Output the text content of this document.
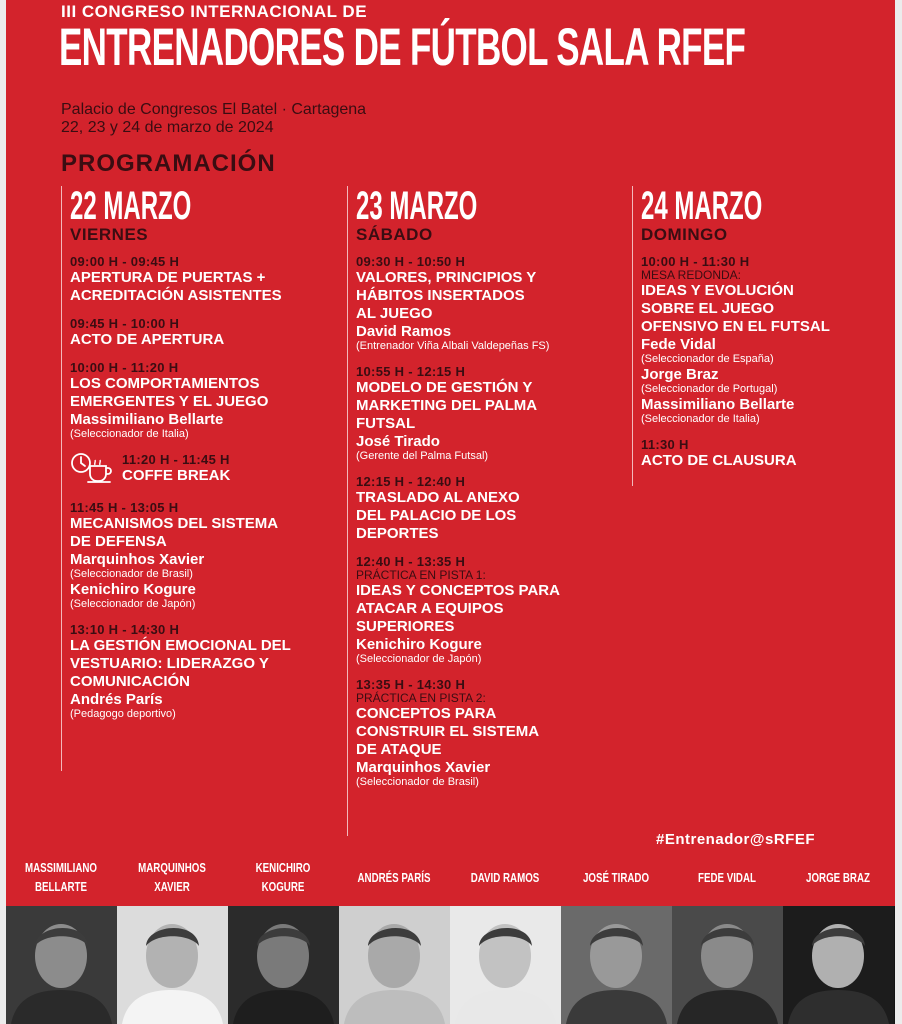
III CONGRESO INTERNACIONAL DE
ENTRENADORES DE FÚTBOL SALA RFEF
Palacio de Congresos El Batel · Cartagena
22, 23 y 24 de marzo de 2024
PROGRAMACIÓN
22 MARZO
VIERNES
09:00 H - 09:45 H
APERTURA DE PUERTAS +
ACREDITACIÓN ASISTENTES
09:45 H - 10:00 H
ACTO DE APERTURA
10:00 H - 11:20 H
LOS COMPORTAMIENTOS
EMERGENTES Y EL JUEGO
Massimiliano Bellarte
(Seleccionador de Italia)
11:20 H - 11:45 H
COFFE BREAK
11:45 H - 13:05 H
MECANISMOS DEL SISTEMA
DE DEFENSA
Marquinhos Xavier
(Seleccionador de Brasil)
Kenichiro Kogure
(Seleccionador de Japón)
13:10 H - 14:30 H
LA GESTIÓN EMOCIONAL DEL
VESTUARIO: LIDERAZGO Y
COMUNICACIÓN
Andrés París
(Pedagogo deportivo)
23 MARZO
SÁBADO
09:30 H - 10:50 H
VALORES, PRINCIPIOS Y
HÁBITOS INSERTADOS
AL JUEGO
David Ramos
(Entrenador Viña Albali Valdepeñas FS)
10:55 H - 12:15 H
MODELO DE GESTIÓN Y
MARKETING DEL PALMA
FUTSAL
José Tirado
(Gerente del Palma Futsal)
12:15 H - 12:40 H
TRASLADO AL ANEXO
DEL PALACIO DE LOS
DEPORTES
12:40 H - 13:35 H
PRÁCTICA EN PISTA 1:
IDEAS Y CONCEPTOS PARA
ATACAR A EQUIPOS
SUPERIORES
Kenichiro Kogure
(Seleccionador de Japón)
13:35 H - 14:30 H
PRÁCTICA EN PISTA 2:
CONCEPTOS PARA
CONSTRUIR EL SISTEMA
DE ATAQUE
Marquinhos Xavier
(Seleccionador de Brasil)
24 MARZO
DOMINGO
10:00 H - 11:30 H
MESA REDONDA:
IDEAS Y EVOLUCIÓN
SOBRE EL JUEGO
OFENSIVO EN EL FUTSAL
Fede Vidal
(Seleccionador de España)
Jorge Braz
(Seleccionador de Portugal)
Massimiliano Bellarte
(Seleccionador de Italia)
11:30 H
ACTO DE CLAUSURA
#Entrenador@sRFEF
MASSIMILIANO
BELLARTE
MARQUINHOS
XAVIER
KENICHIRO
KOGURE
ANDRÉS PARÍS	DAVID RAMOS	JOSÉ TIRADO	FEDE VIDAL	JORGE BRAZ
